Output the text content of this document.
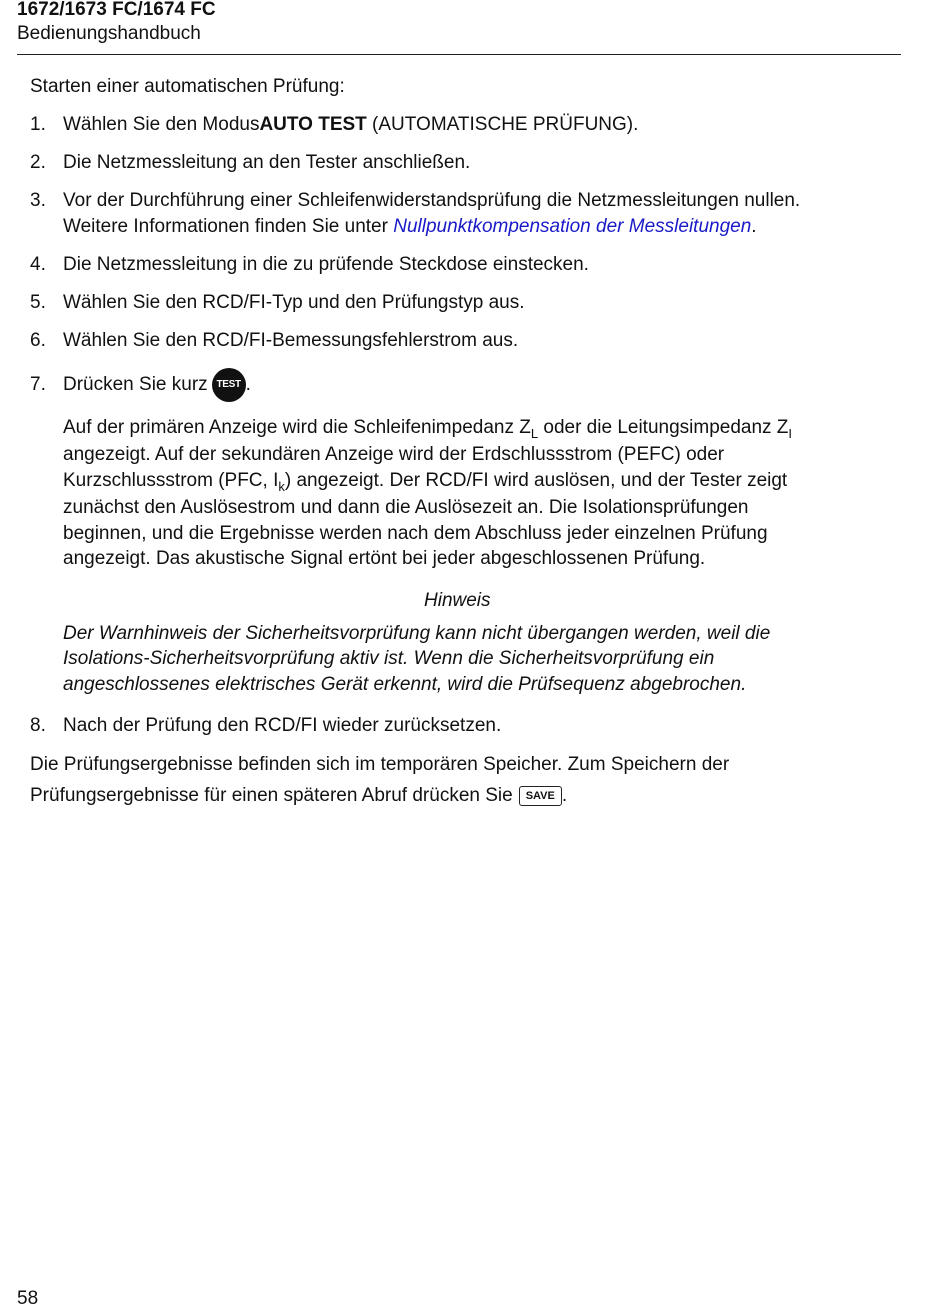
1672/1673 FC/1674 FC
Bedienungshandbuch
Starten einer automatischen Prüfung:
1. Wählen Sie den ModusAUTO TEST (AUTOMATISCHE PRÜFUNG).
2. Die Netzmessleitung an den Tester anschließen.
3. Vor der Durchführung einer Schleifenwiderstandsprüfung die Netzmessleitungen nullen.
Weitere Informationen finden Sie unter Nullpunktkompensation der Messleitungen.
4. Die Netzmessleitung in die zu prüfende Steckdose einstecken.
5. Wählen Sie den RCD/FI-Typ und den Prüfungstyp aus.
6. Wählen Sie den RCD/FI-Bemessungsfehlerstrom aus.
7. Drücken Sie kurz TEST .
Auf der primären Anzeige wird die Schleifenimpedanz $Z_L$ oder die Leitungsimpedanz $Z_I$
angezeigt. Auf der sekundären Anzeige wird der Erdschlussstrom (PEFC) oder
Kurzschlussstrom (PFC, $I_k$) angezeigt. Der RCD/FI wird auslösen, und der Tester zeigt
zunächst den Auslösestrom und dann die Auslösezeit an. Die Isolationsprüfungen
beginnen, und die Ergebnisse werden nach dem Abschluss jeder einzelnen Prüfung
angezeigt. Das akustische Signal ertönt bei jeder abgeschlossenen Prüfung.
Hinweis
Der Warnhinweis der Sicherheitsvorprüfung kann nicht übergangen werden, weil die
Isolations-Sicherheitsvorprüfung aktiv ist. Wenn die Sicherheitsvorprüfung ein
angeschlossenes elektrisches Gerät erkennt, wird die Prüfsequenz abgebrochen.
8. Nach der Prüfung den RCD/FI wieder zurücksetzen.
Die Prüfungsergebnisse befinden sich im temporären Speicher. Zum Speichern der
Prüfungsergebnisse für einen späteren Abruf drücken Sie SAVE .
58
